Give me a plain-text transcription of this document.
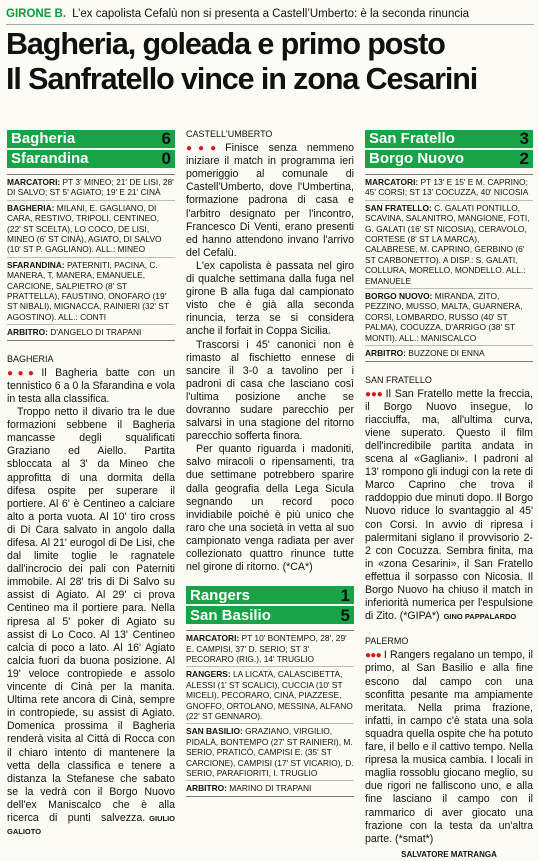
GIRONE B. L’ex capolista Cefalù non si presenta a Castell’Umberto: è la seconda rinuncia
Bagheria, goleada e primo posto
Il Sanfratello vince in zona Cesarini
Bagheria	6
Sfarandina	0

MARCATORI: PT 3' MINEO; 21' DE LISI, 28' DI SALVO; ST 5' AGIATO; 19' E 21' CINÀ

BAGHERIA: MILANI, E. GAGLIANO, DI CARA, RESTIVO, TRIPOLI, CENTINEO, (22' ST SCELTA), LO COCO, DE LISI, MINEO (6' ST CINÀ), AGIATO, DI SALVO (10' ST P. GAGLIANO). ALL.: MINEO

SFARANDINA: PATERNITI, PACINA, C. MANERA, T. MANERA, EMANUELE, CARCIONE, SALPIETRO (8' ST PRATTELLA), FAUSTINO, ONOFARO (19' ST NIBALI), MIGNACCA, RAINIERI (32' ST AGOSTINO). ALL.: CONTI

ARBITRO: D'ANGELO DI TRAPANI

BAGHERIA

●●● Il Bagheria batte con un tennistico 6 a 0 la Sfarandina e vola in testa alla classifica.

Troppo netto il divario tra le due formazioni sebbene il Bagheria mancasse degli squalificati Graziano ed Aiello. Partita sbloccata al 3' da Mineo che approfitta di una dormita della difesa ospite per superare il portiere. Al 6' è Centineo a calciare alto a porta vuota. Al 10' tiro cross di Di Cara salvato in angolo dalla difesa. Al 21' eurogol di De Lisi, che dal limite toglie le ragnatele dall'incrocio dei pali con Paterniti immobile. Al 28' tris di Di Salvo su assist di Agiato. Al 29' ci prova Centineo ma il portiere para. Nella ripresa al 5' poker di Agiato su assist di Lo Coco. Al 13' Centineo calcia di poco a lato. Al 16' Agiato calcia fuori da buona posizione. Al 19' veloce contropiede e assolo vincente di Cinà per la manita. Ultima rete ancora di Cinà, sempre in contropiede, su assist di Agiato. Domenica prossima il Bagheria renderà visita al Città di Rocca con il chiaro intento di mantenere la vetta della classifica e tenere a distanza la Stefanese che sabato se la vedrà con il Borgo Nuovo dell'ex Maniscalco che è alla ricerca di punti salvezza. GIULIO GALIOTO

CASTELL'UMBERTO

●●● Finisce senza nemmeno iniziare il match in programma ieri pomeriggio al comunale di Castell'Umberto, dove l'Umbertina, formazione padrona di casa e l'arbitro designato per l'incontro, Francesco Di Venti, erano presenti ed hanno attendono invano l'arrivo del Cefalù.

L'ex capolista è passata nel giro di qualche settimana dalla fuga nel girone B alla fuga dal campionato visto che è già alla seconda rinuncia, terza se si considera anche il forfait in Coppa Sicilia.

Trascorsi i 45' canonici non è rimasto al fischietto ennese di sancire il 3-0 a tavolino per i padroni di casa che lasciano così l'ultima posizione anche se dovranno sudare parecchio per salvarsi in una stagione del ritorno parecchio sofferta finora.

Per quanto riguarda i madoniti, salvo miracoli o ripensamenti, tra due settimane potrebbero sparire dalla geografia della Lega Sicula segnando un record poco invidiabile poiché è più unico che raro che una società in vetta al suo campionato venga radiata per aver collezionato quattro rinunce tutte nel girone di ritorno. (*CA*)

Rangers	1
San Basilio	5

MARCATORI: PT 10' BONTEMPO, 28', 29' E. CAMPISI, 37' D. SERIO; ST 3' PECORARO (RIG.), 14' TRUGLIO

RANGERS: LA LICATA, CALASCIBETTA, ALESSI (1' ST SCALICI), CUCCIA (10' ST MICELI), PECORARO, CINÀ, PIAZZESE, GNOFFO, ORTOLANO, MESSINA, ALFANO (22' ST GENNARO).

SAN BASILIO: GRAZIANO, VIRGILIO, PIDALÀ, BONTEMPO (27' ST RAINIERI), M. SERIO, PRATICÒ, CAMPISI E. (35' ST CARCIONE), CAMPISI (17' ST VICARIO), D. SERIO, PARAFIORITI, I. TRUGLIO

ARBITRO: MARINO DI TRAPANI

San Fratello	3
Borgo Nuovo	2

MARCATORI: PT 13' E 15' E M. CAPRINO; 45' CORSI; ST 13' COCUZZA, 40' NICOSIA

SAN FRATELLO: C. GALATI PONTILLO, SCAVINA, SALANITRO, MANGIONE, FOTI, G. GALATI (16' ST NICOSIA), CERAVOLO, CORTESE (8' ST LA MARCA), CALABRESE, M. CAPRINO, GERBINO (6' ST CARBONETTO). A DISP.: S. GALATI, COLLURA, MORELLO, MONDELLO. ALL.: EMANUELE

BORGO NUOVO: MIRANDA, ZITO, PEZZINO, MUSSO, MALTA, GUARNERA, CORSI, LOMBARDO, RUSSO (40' ST PALMA), COCUZZA, D'ARRIGO (38' ST MONTI). ALL.: MANISCALCO

ARBITRO: BUZZONE DI ENNA

SAN FRATELLO

●●● Il San Fratello mette la freccia, il Borgo Nuovo insegue, lo riacciuffa, ma, all'ultima curva, viene superato. Questo il film dell'incredibile partita andata in scena al «Gagliani». I padroni al 13' rompono gli indugi con la rete di Marco Caprino che trova il raddoppio due minuti dopo. Il Borgo Nuovo riduce lo svantaggio al 45' con Corsi. In avvio di ripresa i palermitani siglano il provvisorio 2-2 con Cocuzza. Sembra finita, ma in «zona Cesarini», il San Fratello effettua il sorpasso con Nicosia. Il Borgo Nuovo ha chiuso il match in inferiorità numerica per l'espulsione di Zito. (*GIPA*) GINO PAPPALARDO

PALERMO

●●● I Rangers regalano un tempo, il primo, al San Basilio e alla fine escono dal campo con una sconfitta pesante ma ampiamente meritata. Nella prima frazione, infatti, in campo c'è stata una sola squadra quella ospite che ha potuto fare, il bello e il cattivo tempo. Nella ripresa la musica cambia. I locali in maglia rossoblu giocano meglio, su due rigori ne falliscono uno, e alla fine lasciano il campo con il rammarico di aver giocato una frazione con la testa da un'altra parte. (*smat*)

SALVATORE MATRANGA
